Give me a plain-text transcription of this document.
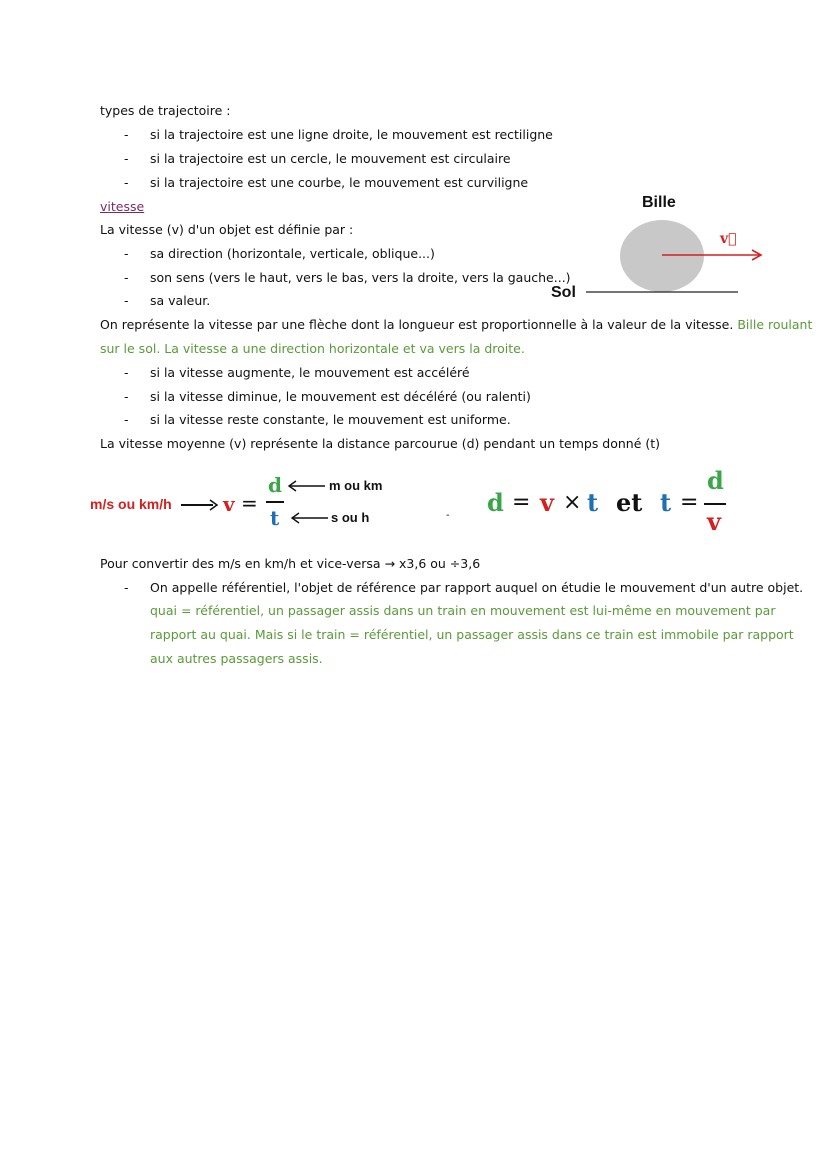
types de trajectoire :
- si la trajectoire est une ligne droite, le mouvement est rectiligne
- si la trajectoire est un cercle, le mouvement est circulaire
- si la trajectoire est une courbe, le mouvement est curviligne
vitesse
La vitesse (v) d'un objet est définie par :
- sa direction (horizontale, verticale, oblique...)
- son sens (vers le haut, vers le bas, vers la droite, vers la gauche...)
- sa valeur.
Bille
Sol
v⃗
On représente la vitesse par une flèche dont la longueur est proportionnelle à la valeur de la vitesse. Bille roulant
sur le sol. La vitesse a une direction horizontale et va vers la droite.
- si la vitesse augmente, le mouvement est accéléré
- si la vitesse diminue, le mouvement est décéléré (ou ralenti)
- si la vitesse reste constante, le mouvement est uniforme.
La vitesse moyenne (v) représente la distance parcourue (d) pendant un temps donné (t)
m/s ou km/h	v =
d
t
m ou km
s ou h	- d = v × t et t =
d
v
Pour convertir des m/s en km/h et vice-versa → x3,6 ou ÷3,6
- On appelle référentiel, l'objet de référence par rapport auquel on étudie le mouvement d'un autre objet.
quai = référentiel, un passager assis dans un train en mouvement est lui-même en mouvement par
rapport au quai. Mais si le train = référentiel, un passager assis dans ce train est immobile par rapport
aux autres passagers assis.
